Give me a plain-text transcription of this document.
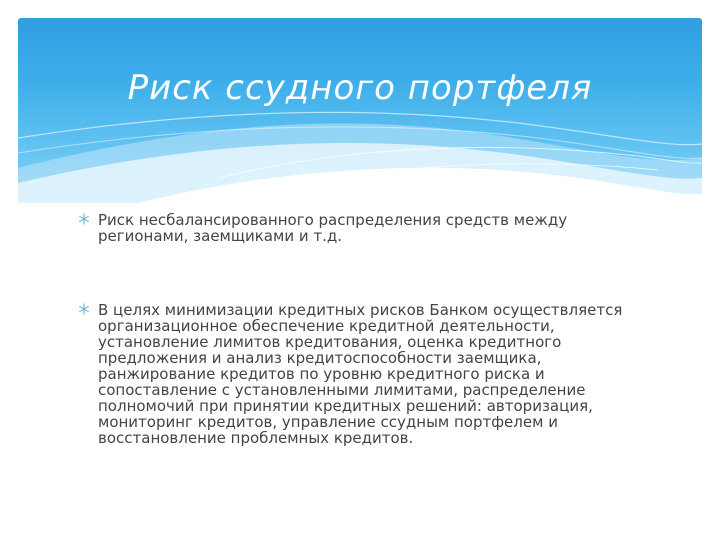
Риск ссудного портфеля
Риск несбалансированного распределения средств между регионами, заемщиками и т.д.
В целях минимизации кредитных рисков Банком осуществляется организационное обеспечение кредитной деятельности, установление лимитов кредитования, оценка кредитного предложения и анализ кредитоспособности заемщика, ранжирование кредитов по уровню кредитного риска и сопоставление с установленными лимитами, распределение полномочий при принятии кредитных решений: авторизация, мониторинг кредитов, управление ссудным портфелем и восстановление проблемных кредитов.
